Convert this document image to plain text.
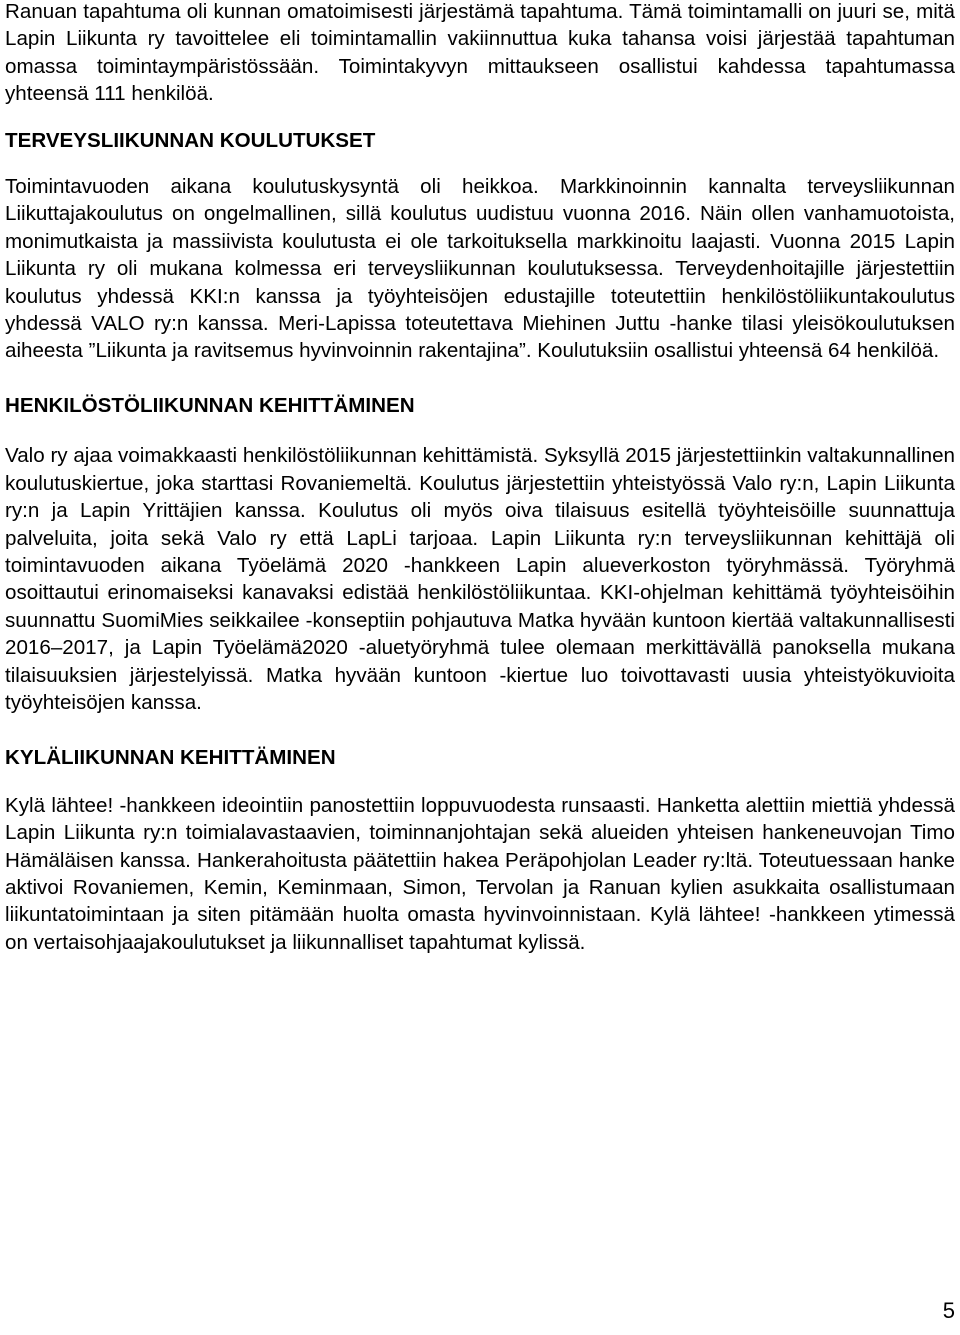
Ranuan tapahtuma oli kunnan omatoimisesti järjestämä tapahtuma. Tämä toimintamalli on juuri se, mitä Lapin Liikunta ry tavoittelee eli toimintamallin vakiinnuttua kuka tahansa voisi järjestää tapahtuman omassa toimintaympäristössään. Toimintakyvyn mittaukseen osallistui kahdessa tapahtumassa yhteensä 111 henkilöä.

TERVEYSLIIKUNNAN KOULUTUKSET

Toimintavuoden aikana koulutuskysyntä oli heikkoa. Markkinoinnin kannalta terveysliikunnan Liikuttajakoulutus on ongelmallinen, sillä koulutus uudistuu vuonna 2016. Näin ollen vanhamuotoista, monimutkaista ja massiivista koulutusta ei ole tarkoituksella markkinoitu laajasti. Vuonna 2015 Lapin Liikunta ry oli mukana kolmessa eri terveysliikunnan koulutuksessa. Terveydenhoitajille järjestettiin koulutus yhdessä KKI:n kanssa ja työyhteisöjen edustajille toteutettiin henkilöstöliikuntakoulutus yhdessä VALO ry:n kanssa. Meri-Lapissa toteutettava Miehinen Juttu -hanke tilasi yleisökoulutuksen aiheesta ”Liikunta ja ravitsemus hyvinvoinnin rakentajina”. Koulutuksiin osallistui yhteensä 64 henkilöä.

HENKILÖSTÖLIIKUNNAN KEHITTÄMINEN

Valo ry ajaa voimakkaasti henkilöstöliikunnan kehittämistä. Syksyllä 2015 järjestettiinkin valtakunnallinen koulutuskiertue, joka starttasi Rovaniemeltä. Koulutus järjestettiin yhteistyössä Valo ry:n, Lapin Liikunta ry:n ja Lapin Yrittäjien kanssa. Koulutus oli myös oiva tilaisuus esitellä työyhteisöille suunnattuja palveluita, joita sekä Valo ry että LapLi tarjoaa. Lapin Liikunta ry:n terveysliikunnan kehittäjä oli toimintavuoden aikana Työelämä 2020 -hankkeen Lapin alueverkoston työryhmässä. Työryhmä osoittautui erinomaiseksi kanavaksi edistää henkilöstöliikuntaa. KKI-ohjelman kehittämä työyhteisöihin suunnattu SuomiMies seikkailee -konseptiin pohjautuva Matka hyvään kuntoon kiertää valtakunnallisesti 2016–2017, ja Lapin Työelämä2020 -aluetyöryhmä tulee olemaan merkittävällä panoksella mukana tilaisuuksien järjestelyissä. Matka hyvään kuntoon -kiertue luo toivottavasti uusia yhteistyökuvioita työyhteisöjen kanssa.

KYLÄLIIKUNNAN KEHITTÄMINEN

Kylä lähtee! -hankkeen ideointiin panostettiin loppuvuodesta runsaasti. Hanketta alettiin miettiä yhdessä Lapin Liikunta ry:n toimialavastaavien, toiminnanjohtajan sekä alueiden yhteisen hankeneuvojan Timo Hämäläisen kanssa. Hankerahoitusta päätettiin hakea Peräpohjolan Leader ry:ltä. Toteutuessaan hanke aktivoi Rovaniemen, Kemin, Keminmaan, Simon, Tervolan ja Ranuan kylien asukkaita osallistumaan liikuntatoimintaan ja siten pitämään huolta omasta hyvinvoinnistaan. Kylä lähtee! -hankkeen ytimessä on vertaisohjaajakoulutukset ja liikunnalliset tapahtumat kylissä.

5
